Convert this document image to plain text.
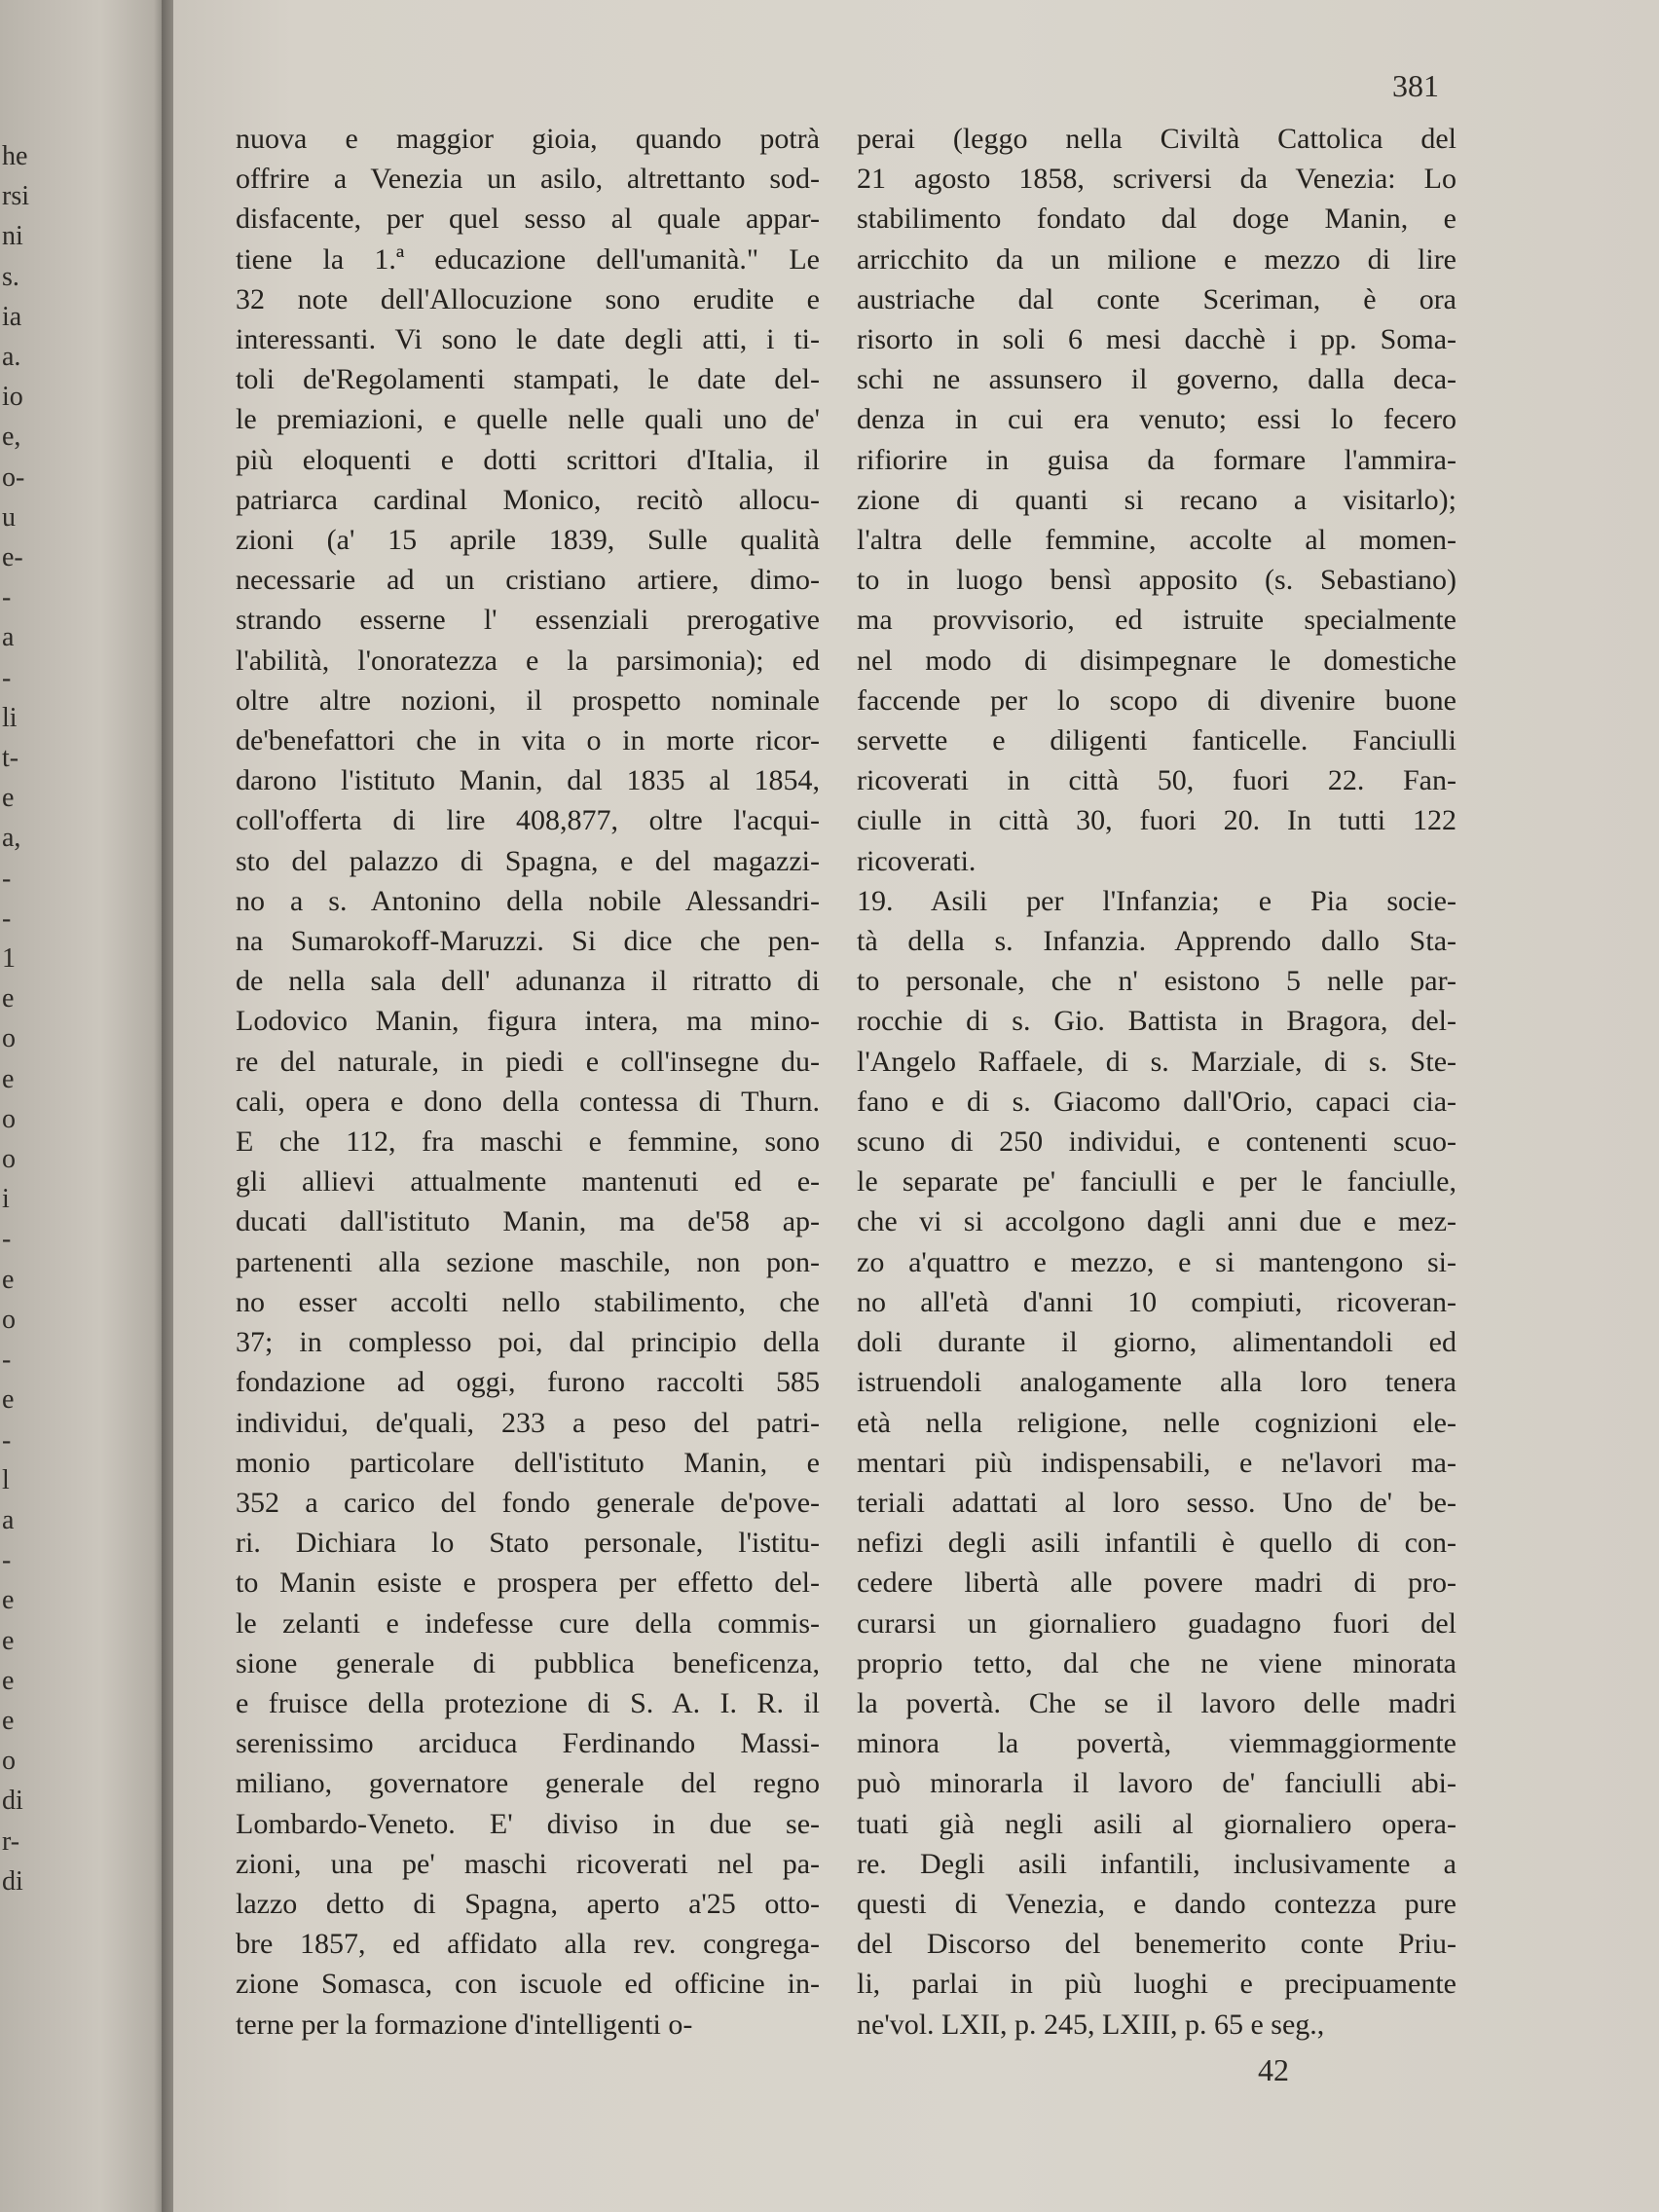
he
rsi
ni
s.
ia
a.
io
e,
o-
u
e-
-
a
-
li
t-
e
a,
-
-
1
e
o
e
o
o
i
-
e
o
-
e
-
l
a
-
e
e
e
e
o
di
r-
di
381

nuova e maggior gioia, quando potrà

offrire a Venezia un asilo, altrettanto sod-

disfacente, per quel sesso al quale appar-

tiene la 1.ª educazione dell'umanità." Le

32 note dell'Allocuzione sono erudite e

interessanti. Vi sono le date degli atti, i ti-

toli de'Regolamenti stampati, le date del-

le premiazioni, e quelle nelle quali uno de'

più eloquenti e dotti scrittori d'Italia, il

patriarca cardinal Monico, recitò allocu-

zioni (a' 15 aprile 1839, Sulle qualità

necessarie ad un cristiano artiere, dimo-

strando esserne l' essenziali prerogative

l'abilità, l'onoratezza e la parsimonia); ed

oltre altre nozioni, il prospetto nominale

de'benefattori che in vita o in morte ricor-

darono l'istituto Manin, dal 1835 al 1854,

coll'offerta di lire 408,877, oltre l'acqui-

sto del palazzo di Spagna, e del magazzi-

no a s. Antonino della nobile Alessandri-

na Sumarokoff-Maruzzi. Si dice che pen-

de nella sala dell' adunanza il ritratto di

Lodovico Manin, figura intera, ma mino-

re del naturale, in piedi e coll'insegne du-

cali, opera e dono della contessa di Thurn.

E che 112, fra maschi e femmine, sono

gli allievi attualmente mantenuti ed e-

ducati dall'istituto Manin, ma de'58 ap-

partenenti alla sezione maschile, non pon-

no esser accolti nello stabilimento, che

37; in complesso poi, dal principio della

fondazione ad oggi, furono raccolti 585

individui, de'quali, 233 a peso del patri-

monio particolare dell'istituto Manin, e

352 a carico del fondo generale de'pove-

ri. Dichiara lo Stato personale, l'istitu-

to Manin esiste e prospera per effetto del-

le zelanti e indefesse cure della commis-

sione generale di pubblica beneficenza,

e fruisce della protezione di S. A. I. R. il

serenissimo arciduca Ferdinando Massi-

miliano, governatore generale del regno

Lombardo-Veneto. E' diviso in due se-

zioni, una pe' maschi ricoverati nel pa-

lazzo detto di Spagna, aperto a'25 otto-

bre 1857, ed affidato alla rev. congrega-

zione Somasca, con iscuole ed officine in-

terne per la formazione d'intelligenti o-

perai (leggo nella Civiltà Cattolica del

21 agosto 1858, scriversi da Venezia: Lo

stabilimento fondato dal doge Manin, e

arricchito da un milione e mezzo di lire

austriache dal conte Sceriman, è ora

risorto in soli 6 mesi dacchè i pp. Soma-

schi ne assunsero il governo, dalla deca-

denza in cui era venuto; essi lo fecero

rifiorire in guisa da formare l'ammira-

zione di quanti si recano a visitarlo);

l'altra delle femmine, accolte al momen-

to in luogo bensì apposito (s. Sebastiano)

ma provvisorio, ed istruite specialmente

nel modo di disimpegnare le domestiche

faccende per lo scopo di divenire buone

servette e diligenti fanticelle. Fanciulli

ricoverati in città 50, fuori 22. Fan-

ciulle in città 30, fuori 20. In tutti 122

ricoverati.

19. Asili per l'Infanzia; e Pia socie-

tà della s. Infanzia. Apprendo dallo Sta-

to personale, che n' esistono 5 nelle par-

rocchie di s. Gio. Battista in Bragora, del-

l'Angelo Raffaele, di s. Marziale, di s. Ste-

fano e di s. Giacomo dall'Orio, capaci cia-

scuno di 250 individui, e contenenti scuo-

le separate pe' fanciulli e per le fanciulle,

che vi si accolgono dagli anni due e mez-

zo a'quattro e mezzo, e si mantengono si-

no all'età d'anni 10 compiuti, ricoveran-

doli durante il giorno, alimentandoli ed

istruendoli analogamente alla loro tenera

età nella religione, nelle cognizioni ele-

mentari più indispensabili, e ne'lavori ma-

teriali adattati al loro sesso. Uno de' be-

nefizi degli asili infantili è quello di con-

cedere libertà alle povere madri di pro-

curarsi un giornaliero guadagno fuori del

proprio tetto, dal che ne viene minorata

la povertà. Che se il lavoro delle madri

minora la povertà, viemmaggiormente

può minorarla il lavoro de' fanciulli abi-

tuati già negli asili al giornaliero opera-

re. Degli asili infantili, inclusivamente a

questi di Venezia, e dando contezza pure

del Discorso del benemerito conte Priu-

li, parlai in più luoghi e precipuamente

ne'vol. LXII, p. 245, LXIII, p. 65 e seg.,

42
